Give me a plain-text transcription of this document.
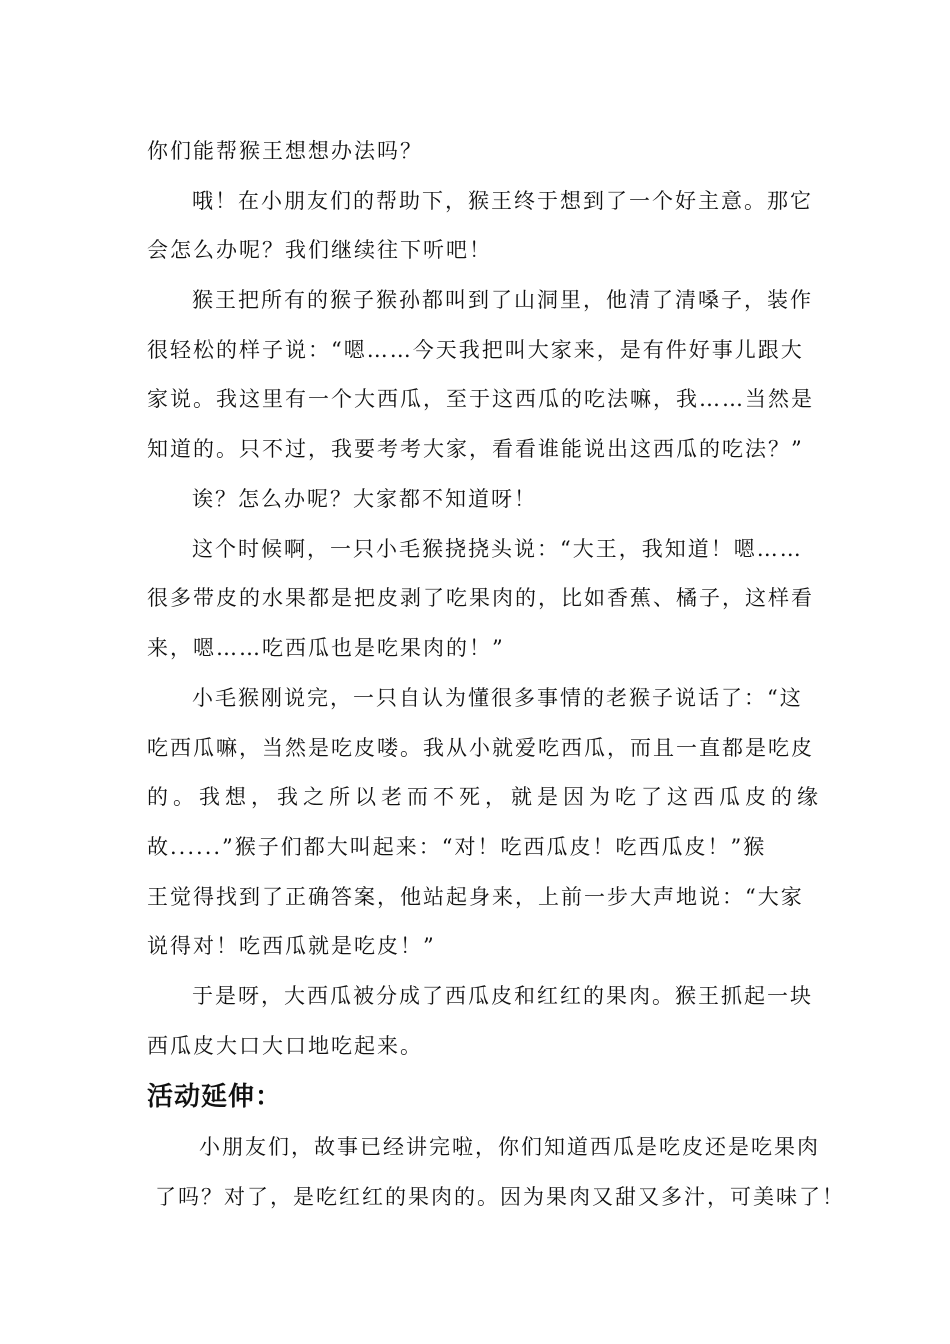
你们能帮猴王想想办法吗？
哦！在小朋友们的帮助下，猴王终于想到了一个好主意。那它
会怎么办呢？我们继续往下听吧！
猴王把所有的猴子猴孙都叫到了山洞里，他清了清嗓子，装作
很轻松的样子说：“嗯……今天我把叫大家来，是有件好事儿跟大
家说。我这里有一个大西瓜，至于这西瓜的吃法嘛，我……当然是
知道的。只不过，我要考考大家，看看谁能说出这西瓜的吃法？”
诶？怎么办呢？大家都不知道呀！
这个时候啊，一只小毛猴挠挠头说：“大王，我知道！嗯……
很多带皮的水果都是把皮剥了吃果肉的，比如香蕉、橘子，这样看
来，嗯……吃西瓜也是吃果肉的！”
小毛猴刚说完，一只自认为懂很多事情的老猴子说话了：“这
吃西瓜嘛，当然是吃皮喽。我从小就爱吃西瓜，而且一直都是吃皮
的。我想，我之所以老而不死，就是因为吃了这西瓜皮的缘
故......”猴子们都大叫起来：“对！吃西瓜皮！吃西瓜皮！”猴
王觉得找到了正确答案，他站起身来，上前一步大声地说：“大家
说得对！吃西瓜就是吃皮！”
于是呀，大西瓜被分成了西瓜皮和红红的果肉。猴王抓起一块
西瓜皮大口大口地吃起来。
活动延伸：
小朋友们，故事已经讲完啦，你们知道西瓜是吃皮还是吃果肉
了吗？对了，是吃红红的果肉的。因为果肉又甜又多汁，可美味了！
